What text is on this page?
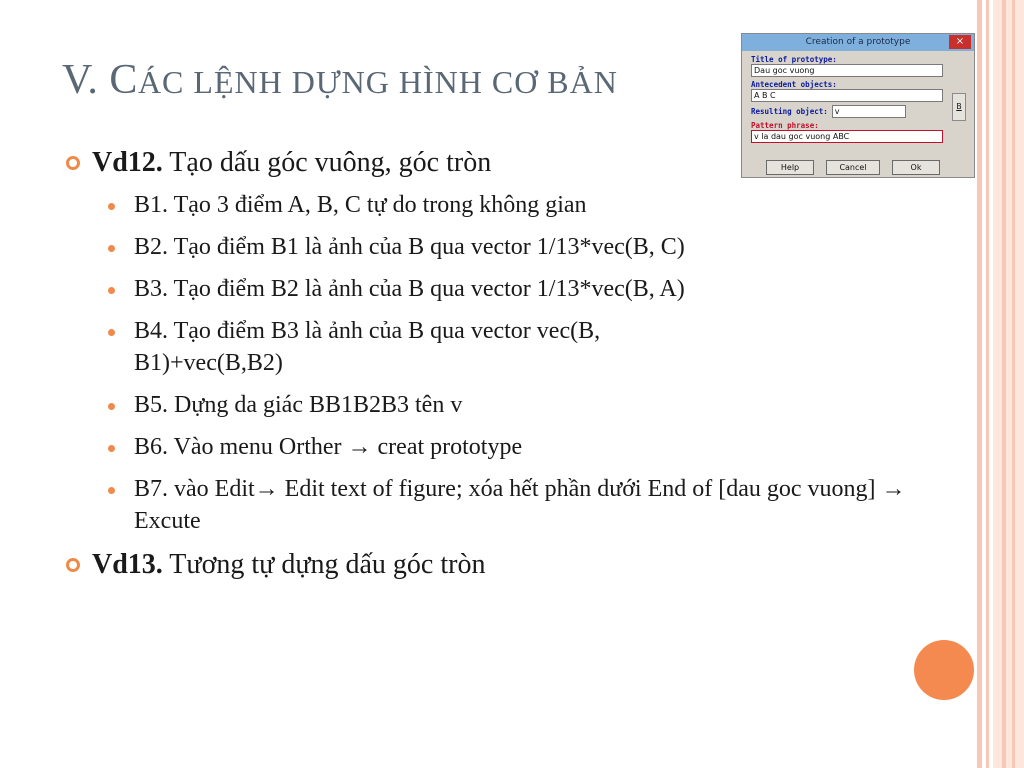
V. CÁC LỆNH DỰNG HÌNH CƠ BẢN
Vd12. Tạo dấu góc vuông, góc tròn
B1. Tạo 3 điểm A, B, C tự do trong không gian
B2. Tạo điểm B1 là ảnh của B qua vector 1/13*vec(B, C)
B3. Tạo điểm B2 là ảnh của B qua vector 1/13*vec(B, A)
B4. Tạo điểm B3 là ảnh của B qua vector vec(B, B1)+vec(B,B2)
B5. Dựng da giác BB1B2B3 tên v
B6. Vào menu Orther → creat prototype
B7. vào Edit→ Edit text of figure; xóa hết phần dưới End of [dau goc vuong] → Excute
Vd13. Tương tự dựng dấu góc tròn
Creation of a prototype	×
Title of prototype:
Dau goc vuong
Antecedent objects:
A B C
Resulting object: v
Pattern phrase:
v la dau goc vuong ABC
B
Help	Cancel	Ok
